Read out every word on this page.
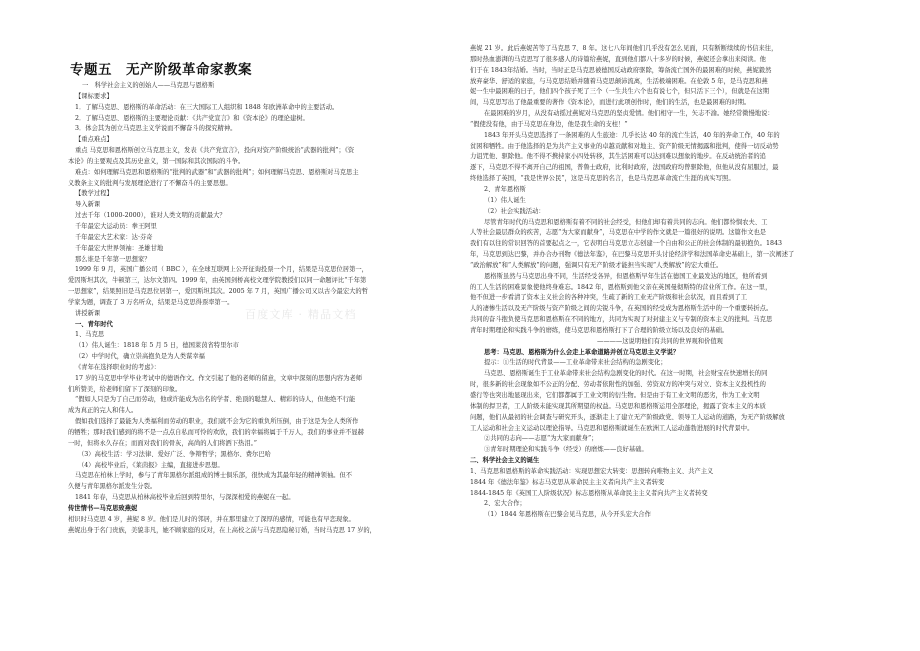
专题五　无产阶级革命家教案
一　科学社会主义的创始人——马克思与恩格斯
【课标要求】
1．了解马克思、恩格斯的革命活动：在三大国际工人组织和 1848 年欧洲革命中的主要活动。
2．了解马克思、恩格斯的主要理论贡献：《共产党宣言》和《资本论》的理论建树。
3．体会其为创立马克思主义学说而不懈奋斗的探究精神。
【重点难点】
重点 马克思和恩格斯创立马克思主义，发表《共产党宣言》，投向对资产阶级统治“武器的批判”；《资
本论》的主要观点及其历史意义，第一国际和其次国际的斗争。
难点：如何理解马克思和恩格斯的“批判的武器”和“武器的批判”；如何理解马克思、恩格斯对马克思主
义教条主义的批判与发展理论进行了不懈奋斗的主要思想。
【教学过程】
导入新课
过去千年（1000-2000），谁对人类文明的贡献最大？
千年最宏大运动员：拳王阿里
千年最宏大艺术家：达·芬奇
千年最宏大世界领袖：圣雄甘地
那么谁是千年第一思想家？
1999 年 9 月，英国广播公司（ BBC ），在全球互联网上公开征询投票一个月，结果是马克思位居第一，
爱因斯坦其次，牛顿第三，达尔文第四。1999 年，由英国剑桥高校文理学院教授们以同一命题评比“千年第
一思想家”，结果照旧是马克思位居第一，爱因斯坦其次。2005 年 7 月，英国广播公司又以古今最宏大的哲
学家为题，调查了 3 万名听众，结果是马克思得票率第一。
讲授新课
一、青年时代
1、马克思
（1）伟人诞生：1818 年 5 月 5 日，德国莱茵省特里尔市
（2）中学时代，确立崇高抱负是为人类谋幸福
《青年在选择职业时的考虑》：
17 岁的马克思中学毕业考试中的德语作文。作文引起了他的老师的留意，文章中深刻的思想内容为老师
们所赞美，给老师们留下了深刻的印象。
“假如人只是为了自己而劳动，他或许能成为出名的学者、绝顶的聪慧人、精彩的诗人，但他绝不行能
成为真正的完人和伟人。
假如我们选择了最能为人类福利而劳动的职业，我们就不会为它的重负所压倒，由于这是为全人类所作
的牺牲；那时我们感到的将不是一点点自私而可怜的欢欣，我们的幸福将属于千万人，我们的事业并不显赫
一时，但将永久存在；而面对我们的骨灰，高尚的人们将洒下热泪。”
（3）高校生活：学习法律、爱好广泛、争辩哲学；黑格尔、费尔巴哈
（4）高校毕业后，《莱茵报》主编，直接进步思想。
马克思在柏林上学时，参与了青年黑格尔派组成的博士俱乐部，很快成为其最年轻的精神领袖。但不
久便与青年黑格尔派发生分裂。
1841 年春，马克思从柏林高校毕业后回到特里尔，与深深相爱的燕妮在一起。
传世情书—马克思致燕妮
相识时马克思 4 岁，燕妮 8 岁。他们是儿时的邻居，并在那里建立了深厚的感情，可能也有早恋现象。
燕妮出身于名门贵族，美貌非凡，她不顾家庭的反对，在上高校之前与马克思隐秘订婚，当时马克思 17 岁的，
燕妮 21 岁。此后燕妮苦等了马克思 7、8 年。这七八年间他们几乎没有怎么见面，只有断断续续的书信来往，
那时热血澎湃的马克思写了很多感人的诗篇给燕妮，直到他们都八十多岁的时候，燕妮还会拿出来阅读。他
们于在 1843年结婚。当时，当时正是马克思被德国反动政府驱除，筹备流亡国外的最困难的时候，燕妮毅然
放弃豪华、舒适的家庭，与马克思结婚并随着马克思颠沛流离，生活极端困难。在伦敦 5 年，是马克思和燕
妮一生中最困难的日子，他们四个孩子死了三个（一生共生六个也有说七个，但只活下三个），但就是在这期
间，马克思写出了他最重要的著作《资本论》，而进行此项创作时，他们的生活，也是最困难的时期。
在最困难的岁月，从没有动摇过燕妮对马克思的坚贞爱情。他们相守一生，矢志不渝。她经常微慢地说：
“假使没有他，由于马克思在身边，他是我生命的支柱！”
1843 年开头马克思选择了一条困难的人生旅途：几乎长达 40 年的流亡生活，40 年的奔命工作，40 年的
贫困和牺牲。由于他选择的是为共产主义事业的卓越贡献和对地主、资产阶级无情揭露和批判，使得一切反动势
力诅咒他、驱除他。他不得不携持家小四处转移，其生活困难可以达到难以想象的地步。在反动统治者的追
逐下，马克思不得不离开自己的祖国，普鲁士政府，比利时政府，法国政府均曾驱除他，但他从没有屈服过，最
终他选择了英国，“我是世界公民”，这是马克思的名言，也是马克思革命流亡生涯的真实写照。
2、青年恩格斯
（1）伟人诞生
（2）社会实践活动：
尽管青年时代的马克思和恩格斯有着不同的社会经受，但他们却有着共同的志向。他们都怜悯农夫、工
人等社会最层群众的疾苦，志愿“为大家而献身”，马克思在中学的作文就是一篇很好的说明。这篇作文也是
我们有以往的常识回答的首要起点之一，它表明白马克思立志创建一个自由和公正的社会体制的最初抱负。1843
年，马克思到达巴黎，并办合办刊物《德法年鉴》，在巴黎马克思开头讨论经济学和法国革命史基础上，第一次阐述了
“政治解放”和“人类解放”的问题，强调只有无产阶级才能担当实现“人类解放”的宏大重任。
恩格斯虽然与马克思出身不同，生活经受各异，但恩格斯早年生活在德国工业最发达的地区，他所看到
的工人生活的困难景象使他终身难忘。1842 年，恩格斯到他父亲在英国曼彻斯特的营业所工作。在这一里，
他不但进一步看清了资本主义社会的各种冲突，生疏了新的工业无产阶级和社会状况，而且看到了工
人的凄惨生活以及无产阶级与资产阶级之间的尖锐斗争，在英国的经受成为恩格斯生活中的一个重要转折点。
共同的奋斗抱负使马克思和恩格斯在不同的地方，共同为实现了对封建主义与专制的资本主义的批判。马克思
青年时期理论和实践斗争的磨练，使马克思和恩格斯打下了合理的阶级立场以及良好的基础。
————这说明他们有共同的世界观和价值观
思考：马克思、恩格斯为什么会走上革命道路并创立马克思主义学说？
提示：①生活的时代背景——工业革命带来社会结构的急剧变化；
马克思、恩格斯诞生于工业革命带来社会结构急剧变化的时代。在这一时期，社会财宝在快速增长的同
时，很多新的社会现象如不公正的分配、劳动者依附性的加强、劳资双方的冲突与对立、资本主义投机性的
盛行等也突出地显现出来，它们都都属于工业文明的衍生物。但是由于有工业文明的恶劣，作为工业文明
体制的捍卫者，工人阶级未能实现其所期望的权益。马克思和恩格斯运用全部理论，揭露了资本主义的本质
问题，他们从最初的社会调查与研究开头，逐渐走上了建立无产阶级政党、领导工人运动的道路，为无产阶级解放
工人运动和社会主义运动以理论指导。马克思和恩格斯就诞生在欧洲工人运动蓬勃进展的时代背景中。
②共同的志向——志愿“为大家而献身”；
③青年时期理论和实践斗争（经受）的磨炼——良好基础。
二、科学社会主义的诞生
1、马克思和恩格斯的革命实践活动：实现思想宏大转变：思想转向唯物主义、共产主义
1844 年《德法年鉴》标志马克思从革命民主主义者向共产主义者转变
1844-1845 年《英国工人阶级状况》标志恩格斯从革命民主主义者向共产主义者转变
2、宏大合作；
（1）1844 年恩格斯在巴黎会见马克思，从今开头宏大合作
百度文库 · 精品文档
